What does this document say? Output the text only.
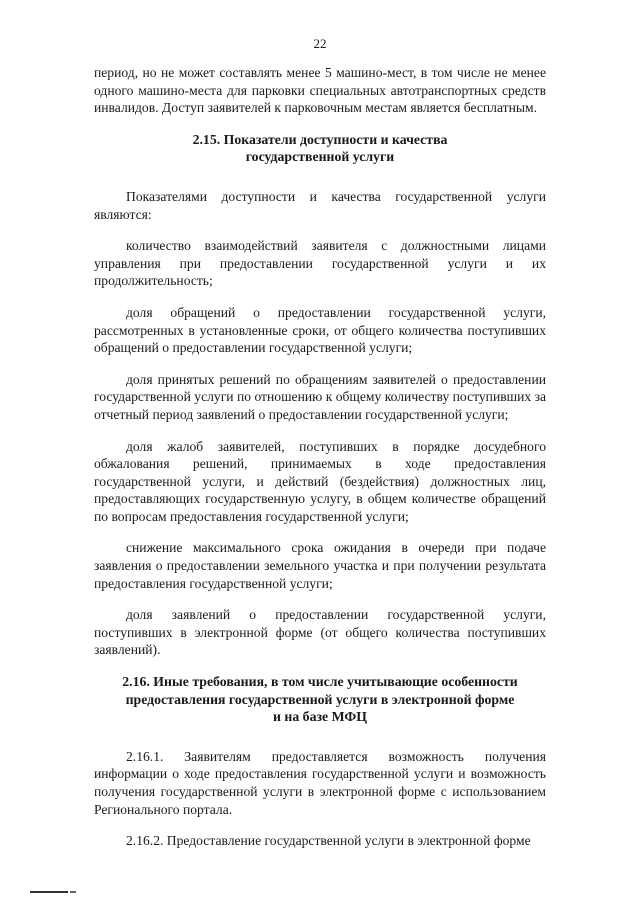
22

период, но не может составлять менее 5 машино-мест, в том числе не менее одного машино-места для парковки специальных автотранспортных средств инвалидов. Доступ заявителей к парковочным местам является бесплатным.

2.15. Показатели доступности и качества
государственной услуги

Показателями доступности и качества государственной услуги являются:

количество взаимодействий заявителя с должностными лицами управления при предоставлении государственной услуги и их продолжительность;

доля обращений о предоставлении государственной услуги, рассмотренных в установленные сроки, от общего количества поступивших обращений о предоставлении государственной услуги;

доля принятых решений по обращениям заявителей о предоставлении государственной услуги по отношению к общему количеству поступивших за отчетный период заявлений о предоставлении государственной услуги;

доля жалоб заявителей, поступивших в порядке досудебного обжалования решений, принимаемых в ходе предоставления государственной услуги, и действий (бездействия) должностных лиц, предоставляющих государственную услугу, в общем количестве обращений по вопросам предоставления государственной услуги;

снижение максимального срока ожидания в очереди при подаче заявления о предоставлении земельного участка и при получении результата предоставления государственной услуги;

доля заявлений о предоставлении государственной услуги, поступивших в электронной форме (от общего количества поступивших заявлений).

2.16. Иные требования, в том числе учитывающие особенности
предоставления государственной услуги в электронной форме
и на базе МФЦ

2.16.1. Заявителям предоставляется возможность получения информации о ходе предоставления государственной услуги и возможность получения государственной услуги в электронной форме с использованием Регионального портала.

2.16.2. Предоставление государственной услуги в электронной форме
